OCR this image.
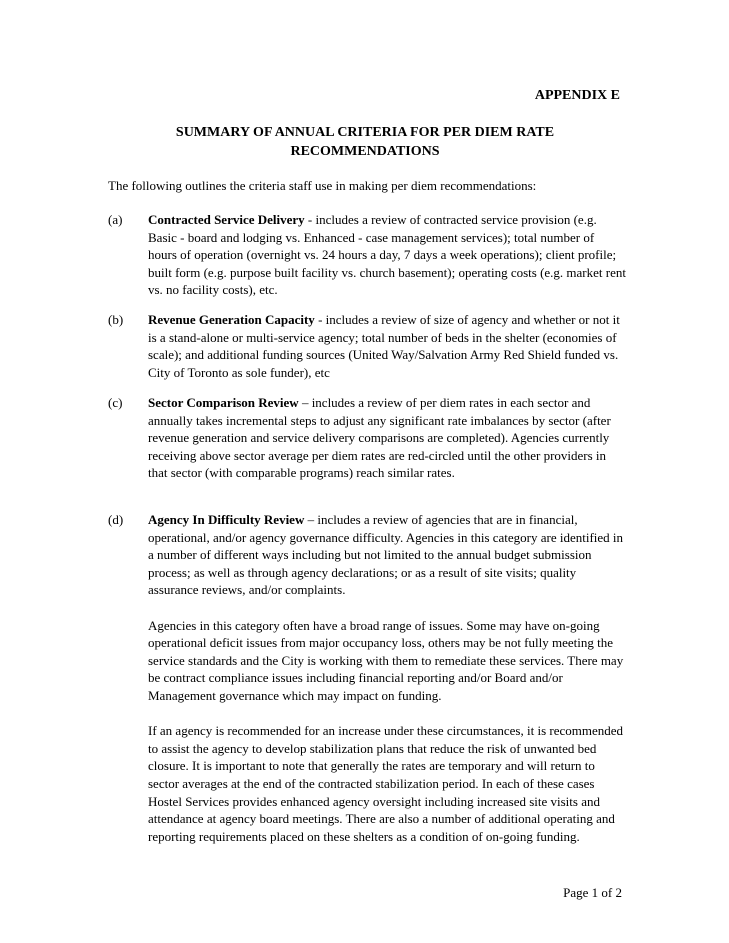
APPENDIX E
SUMMARY OF ANNUAL CRITERIA FOR PER DIEM RATE
RECOMMENDATIONS
The following outlines the criteria staff use in making per diem recommendations:
(a) Contracted Service Delivery - includes a review of contracted service provision (e.g. Basic - board and lodging vs. Enhanced - case management services); total number of hours of operation (overnight vs. 24 hours a day, 7 days a week operations); client profile; built form (e.g. purpose built facility vs. church basement); operating costs (e.g. market rent vs. no facility costs), etc.

(b) Revenue Generation Capacity - includes a review of size of agency and whether or not it is a stand-alone or multi-service agency; total number of beds in the shelter (economies of scale); and additional funding sources (United Way/Salvation Army Red Shield funded vs. City of Toronto as sole funder), etc

(c) Sector Comparison Review – includes a review of per diem rates in each sector and annually takes incremental steps to adjust any significant rate imbalances by sector (after revenue generation and service delivery comparisons are completed). Agencies currently receiving above sector average per diem rates are red-circled until the other providers in that sector (with comparable programs) reach similar rates.

(d) Agency In Difficulty Review – includes a review of agencies that are in financial, operational, and/or agency governance difficulty. Agencies in this category are identified in a number of different ways including but not limited to the annual budget submission process; as well as through agency declarations; or as a result of site visits; quality assurance reviews, and/or complaints.

Agencies in this category often have a broad range of issues. Some may have on-going operational deficit issues from major occupancy loss, others may be not fully meeting the service standards and the City is working with them to remediate these services. There may be contract compliance issues including financial reporting and/or Board and/or Management governance which may impact on funding.

If an agency is recommended for an increase under these circumstances, it is recommended to assist the agency to develop stabilization plans that reduce the risk of unwanted bed closure. It is important to note that generally the rates are temporary and will return to sector averages at the end of the contracted stabilization period. In each of these cases Hostel Services provides enhanced agency oversight including increased site visits and attendance at agency board meetings. There are also a number of additional operating and reporting requirements placed on these shelters as a condition of on-going funding.

Page 1 of 2
